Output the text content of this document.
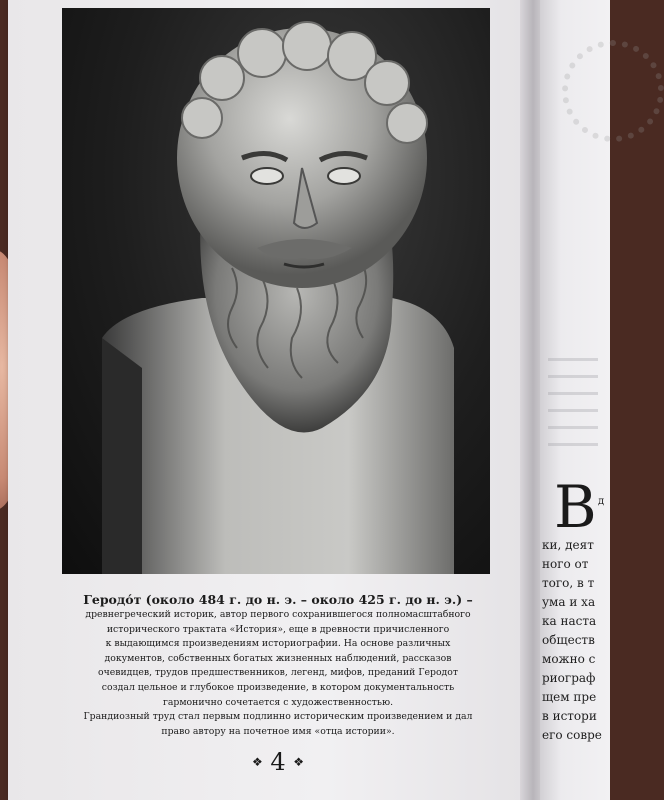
В д
ки, деят
ного от
того, в т
ума и ха
ка наста
обществ
можно с
риограф
щем пре
в истори
его совре
Геродо́т (около 484 г. до н. э. – около 425 г. до н. э.) –
древнегреческий историк, автор первого сохранившегося полномасштабного
исторического трактата «История», еще в древности причисленного
к выдающимся произведениям историографии. На основе различных
документов, собственных богатых жизненных наблюдений, рассказов
очевидцев, трудов предшественников, легенд, мифов, преданий Геродот
создал цельное и глубокое произведение, в котором документальность
гармонично сочетается с художественностью.
Грандиозный труд стал первым подлинно историческим произведением и дал
право автору на почетное имя «отца истории».
❖ 4 ❖
